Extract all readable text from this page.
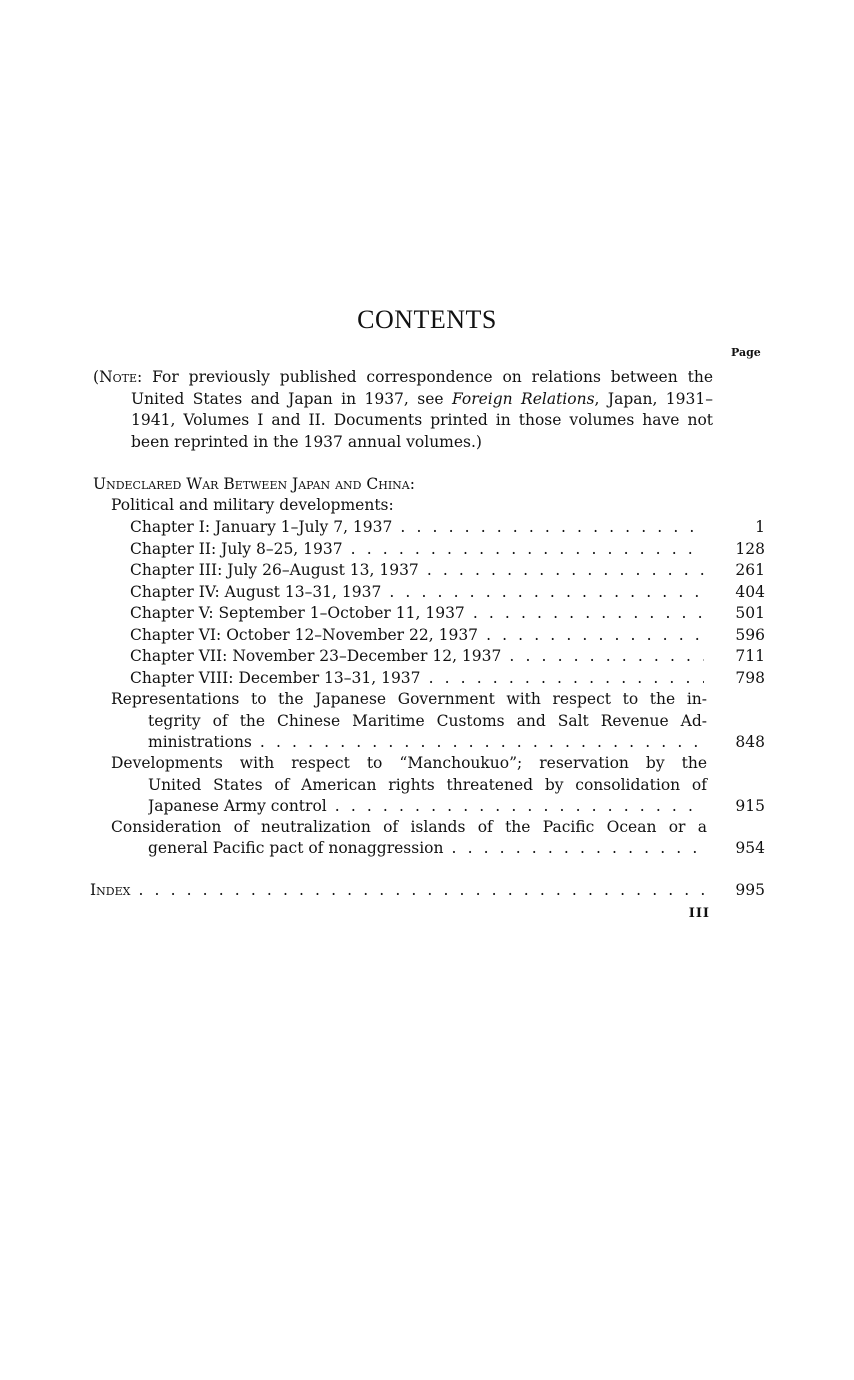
CONTENTS
Page

(Note: For previously published correspondence on relations between the United States and Japan in 1937, see Foreign Relations, Japan, 1931–1941, Volumes I and II. Documents printed in those volumes have not been reprinted in the 1937 annual volumes.)

Undeclared War Between Japan and China:
Political and military developments:
Chapter I: January 1–July 7, 1937 . . .	1
Chapter II: July 8–25, 1937 . . .	128
Chapter III: July 26–August 13, 1937 . . .	261
Chapter IV: August 13–31, 1937 . . .	404
Chapter V: September 1–October 11, 1937 . . .	501
Chapter VI: October 12–November 22, 1937 . . .	596
Chapter VII: November 23–December 12, 1937 . . .	711
Chapter VIII: December 13–31, 1937 . . .	798
Representations to the Japanese Government with respect to the in-
tegrity of the Chinese Maritime Customs and Salt Revenue Ad-
ministrations . . .	848
Developments with respect to “Manchoukuo”; reservation by the
United States of American rights threatened by consolidation of
Japanese Army control . . .	915
Consideration of neutralization of islands of the Pacific Ocean or a
general Pacific pact of nonaggression . . .	954
Index . . .	995
III
